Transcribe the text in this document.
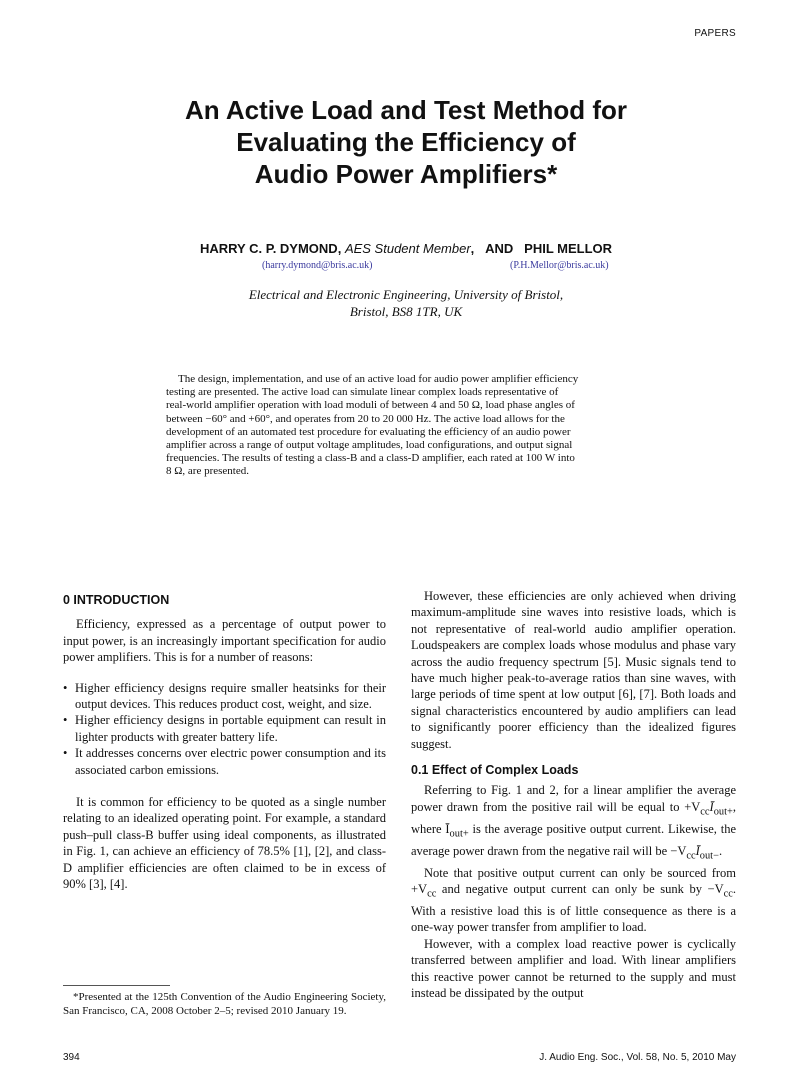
PAPERS
An Active Load and Test Method for
Evaluating the Efficiency of
Audio Power Amplifiers*
HARRY C. P. DYMOND, AES Student Member, AND PHIL MELLOR
(harry.dymond@bris.ac.uk)	(P.H.Mellor@bris.ac.uk)
Electrical and Electronic Engineering, University of Bristol,
Bristol, BS8 1TR, UK
The design, implementation, and use of an active load for audio power amplifier efficiency
testing are presented. The active load can simulate linear complex loads representative of
real-world amplifier operation with load moduli of between 4 and 50 Ω, load phase angles of
between −60° and +60°, and operates from 20 to 20 000 Hz. The active load allows for the
development of an automated test procedure for evaluating the efficiency of an audio power
amplifier across a range of output voltage amplitudes, load configurations, and output signal
frequencies. The results of testing a class-B and a class-D amplifier, each rated at 100 W into
8 Ω, are presented.
0 INTRODUCTION

Efficiency, expressed as a percentage of output power to input power, is an increasingly important specification for audio power amplifiers. This is for a number of reasons:

• Higher efficiency designs require smaller heatsinks for their output devices. This reduces product cost, weight, and size.
• Higher efficiency designs in portable equipment can result in lighter products with greater battery life.
• It addresses concerns over electric power consumption and its associated carbon emissions.

It is common for efficiency to be quoted as a single number relating to an idealized operating point. For example, a standard push–pull class-B buffer using ideal components, as illustrated in Fig. 1, can achieve an efficiency of 78.5% [1], [2], and class-D amplifier efficiencies are often claimed to be in excess of 90% [3], [4].

However, these efficiencies are only achieved when driving maximum-amplitude sine waves into resistive loads, which is not representative of real-world audio amplifier operation. Loudspeakers are complex loads whose modulus and phase vary across the audio frequency spectrum [5]. Music signals tend to have much higher peak-to-average ratios than sine waves, with large periods of time spent at low output [6], [7]. Both loads and signal characteristics encountered by audio amplifiers can lead to significantly poorer efficiency than the idealized figures suggest.

0.1 Effect of Complex Loads

Referring to Fig. 1 and 2, for a linear amplifier the average power drawn from the positive rail will be equal to $+V_{cc}Ī_{out+}$, where $Ī_{out+}$ is the average positive output current. Likewise, the average power drawn from the negative rail will be $-V_{cc}Ī_{out-}$.

Note that positive output current can only be sourced from $+V_{cc}$ and negative output current can only be sunk by $-V_{cc}$. With a resistive load this is of little consequence as there is a one-way power transfer from amplifier to load.

However, with a complex load reactive power is cyclically transferred between amplifier and load. With linear amplifiers this reactive power cannot be returned to the supply and must instead be dissipated by the output

*Presented at the 125th Convention of the Audio Engineering Society, San Francisco, CA, 2008 October 2–5; revised 2010 January 19.
394	J. Audio Eng. Soc., Vol. 58, No. 5, 2010 May
